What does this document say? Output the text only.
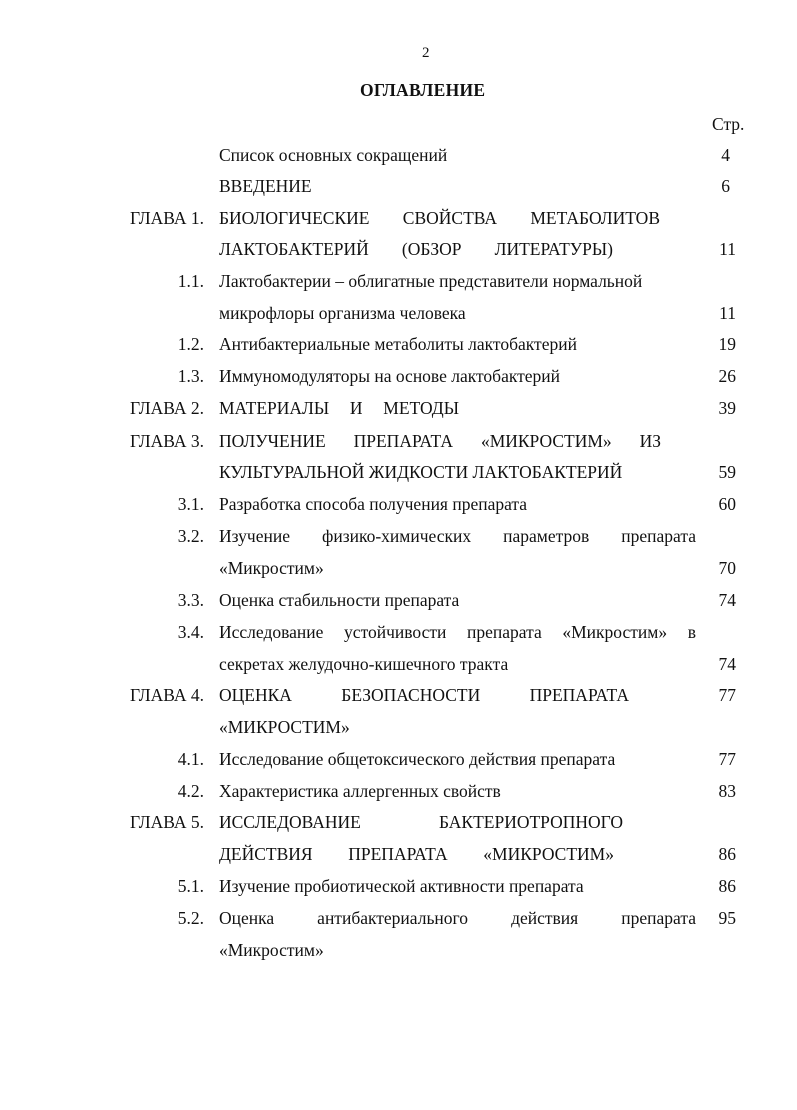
2
ОГЛАВЛЕНИЕ
Стр.
Список основных сокращений	4
ВВЕДЕНИЕ	6
ГЛАВА 1. БИОЛОГИЧЕСКИЕ СВОЙСТВА МЕТАБОЛИТОВ
ЛАКТОБАКТЕРИЙ (ОБЗОР ЛИТЕРАТУРЫ)	11
1.1. Лактобактерии – облигатные представители нормальной
микрофлоры организма человека	11
1.2. Антибактериальные метаболиты лактобактерий	19
1.3. Иммуномодуляторы на основе лактобактерий	26
ГЛАВА 2. МАТЕРИАЛЫ И МЕТОДЫ	39
ГЛАВА 3. ПОЛУЧЕНИЕ ПРЕПАРАТА «МИКРОСТИМ» ИЗ
КУЛЬТУРАЛЬНОЙ ЖИДКОСТИ ЛАКТОБАКТЕРИЙ	59
3.1. Разработка способа получения препарата	60
3.2. Изучение физико-химических параметров препарата
«Микростим»	70
3.3. Оценка стабильности препарата	74
3.4. Исследование устойчивости препарата «Микростим» в
секретах желудочно-кишечного тракта	74
ГЛАВА 4. ОЦЕНКА	БЕЗОПАСНОСТИ	ПРЕПАРАТА	77
«МИКРОСТИМ»
4.1. Исследование общетоксического действия препарата	77
4.2. Характеристика аллергенных свойств	83
ГЛАВА 5. ИССЛЕДОВАНИЕ	БАКТЕРИОТРОПНОГО
ДЕЙСТВИЯ ПРЕПАРАТА «МИКРОСТИМ»	86
5.1. Изучение пробиотической активности препарата	86
5.2. Оценка антибактериального действия препарата	95
«Микростим»
